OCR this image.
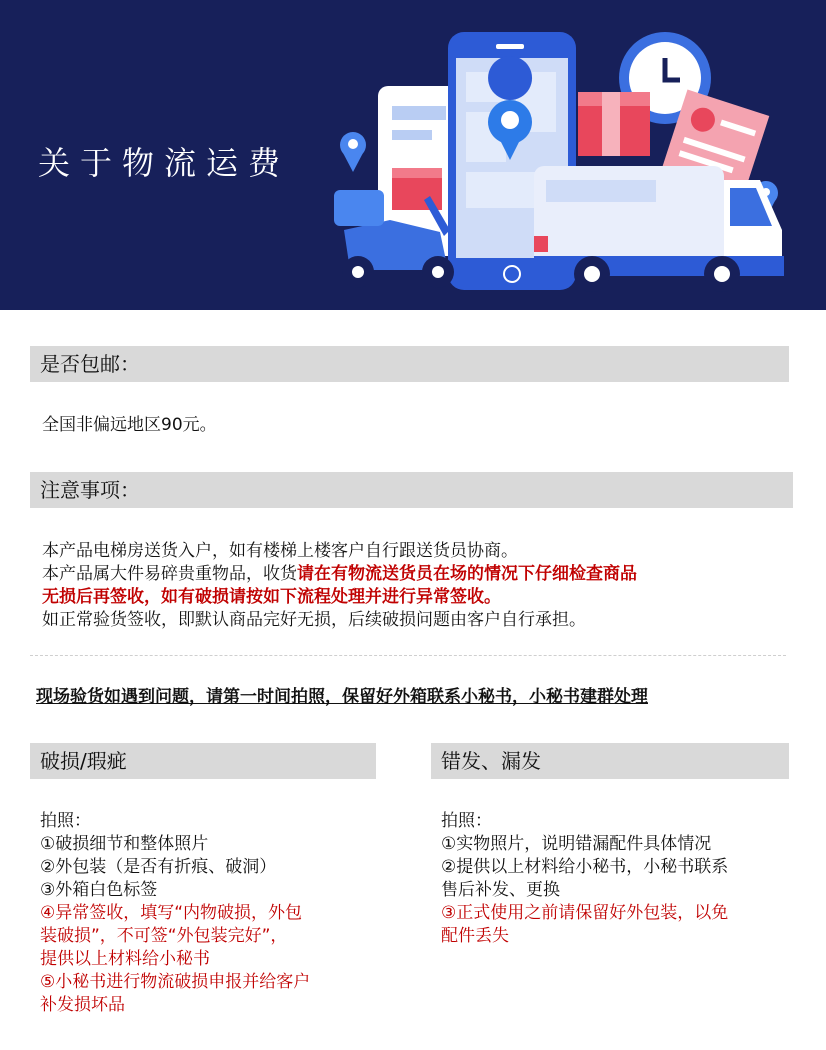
关于物流运费
是否包邮：
全国非偏远地区90元。
注意事项：
本产品电梯房送货入户，如有楼梯上楼客户自行跟送货员协商。
本产品属大件易碎贵重物品，收货请在有物流送货员在场的情况下仔细检查商品
无损后再签收，如有破损请按如下流程处理并进行异常签收。
如正常验货签收，即默认商品完好无损，后续破损问题由客户自行承担。
现场验货如遇到问题，请第一时间拍照，保留好外箱联系小秘书，小秘书建群处理
破损/瑕疵
拍照：
①破损细节和整体照片
②外包装（是否有折痕、破洞）
③外箱白色标签
④异常签收，填写“内物破损，外包
装破损”，不可签“外包装完好”，
提供以上材料给小秘书
⑤小秘书进行物流破损申报并给客户
补发损坏品
错发、漏发
拍照：
①实物照片，说明错漏配件具体情况
②提供以上材料给小秘书，小秘书联系
售后补发、更换
③正式使用之前请保留好外包装，以免
配件丢失
